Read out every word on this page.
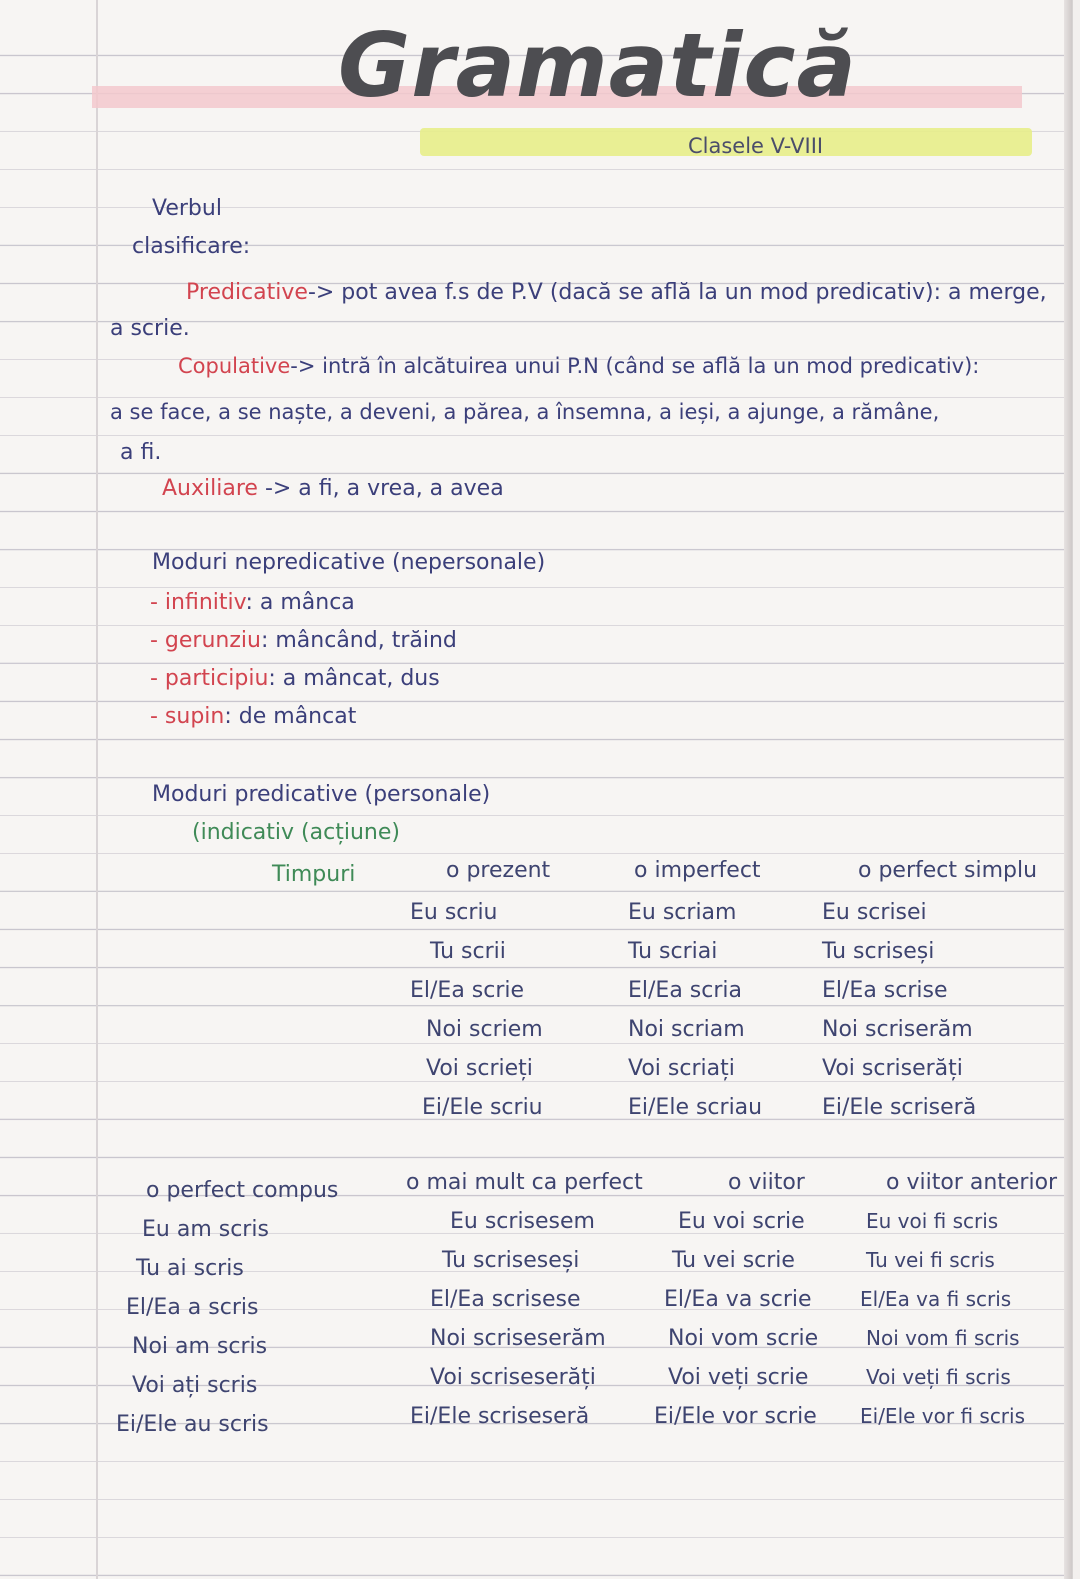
Gramatică
Clasele V-VIII
Verbul
clasificare:
Predicative-> pot avea f.s de P.V (dacă se află la un mod predicativ): a merge,
a scrie.
Copulative-> intră în alcătuirea unui P.N (când se află la un mod predicativ):
a se face, a se naște, a deveni, a părea, a însemna, a ieși, a ajunge, a rămâne,
a fi.
Auxiliare -> a fi, a vrea, a avea
Moduri nepredicative (nepersonale)
- infinitiv: a mânca
- gerunziu: mâncând, trăind
- participiu: a mâncat, dus
- supin: de mâncat
Moduri predicative (personale)
(indicativ (acțiune)
Timpuri	o prezent
Eu scriu
Tu scrii
El/Ea scrie
Noi scriem
Voi scrieți
Ei/Ele scriu
o imperfect
Eu scriam
Tu scriai
El/Ea scria
Noi scriam
Voi scriați
Ei/Ele scriau
o perfect simplu
Eu scrisei
Tu scriseși
El/Ea scrise
Noi scriserăm
Voi scriserăți
Ei/Ele scriseră
o perfect compus
Eu am scris
Tu ai scris
El/Ea a scris
Noi am scris
Voi ați scris
Ei/Ele au scris
o mai mult ca perfect
Eu scrisesem
Tu scriseseși
El/Ea scrisese
Noi scriseserăm
Voi scriseserăți
Ei/Ele scriseseră
o viitor
Eu voi scrie
Tu vei scrie
El/Ea va scrie
Noi vom scrie
Voi veți scrie
Ei/Ele vor scrie
o viitor anterior
Eu voi fi scris
Tu vei fi scris
El/Ea va fi scris
Noi vom fi scris
Voi veți fi scris
Ei/Ele vor fi scris
